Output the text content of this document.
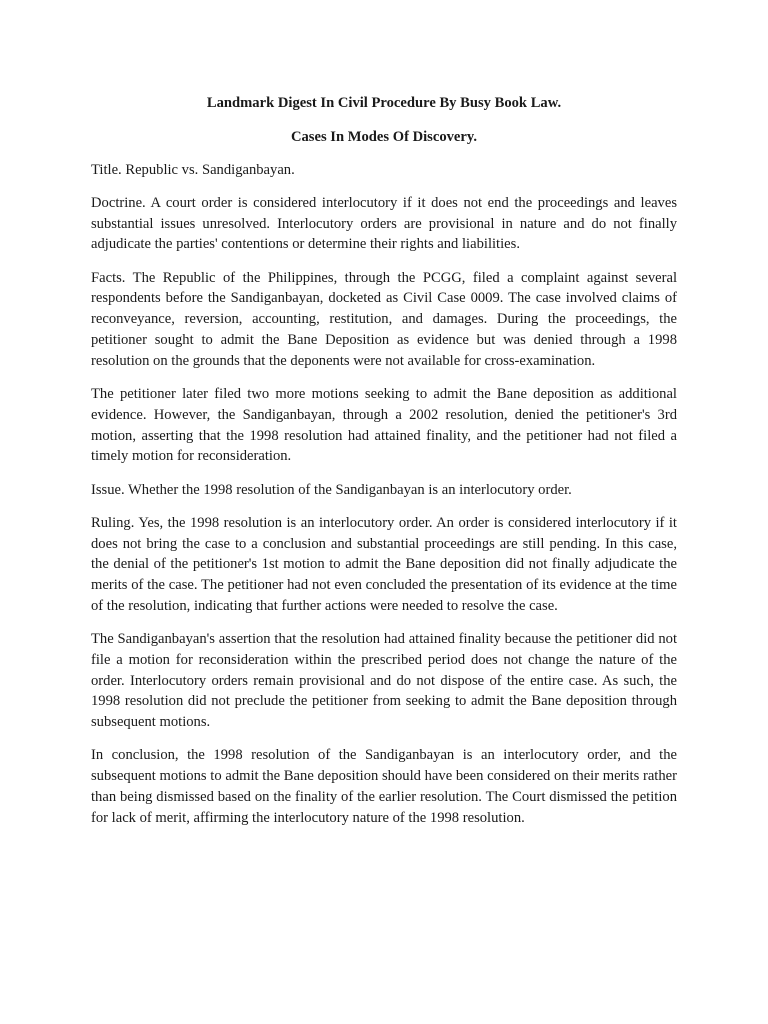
Landmark Digest In Civil Procedure By Busy Book Law.

Cases In Modes Of Discovery.

Title. Republic vs. Sandiganbayan.

Doctrine. A court order is considered interlocutory if it does not end the proceedings and leaves substantial issues unresolved. Interlocutory orders are provisional in nature and do not finally adjudicate the parties' contentions or determine their rights and liabilities.

Facts. The Republic of the Philippines, through the PCGG, filed a complaint against several respondents before the Sandiganbayan, docketed as Civil Case 0009. The case involved claims of reconveyance, reversion, accounting, restitution, and damages. During the proceedings, the petitioner sought to admit the Bane Deposition as evidence but was denied through a 1998 resolution on the grounds that the deponents were not available for cross-examination.

The petitioner later filed two more motions seeking to admit the Bane deposition as additional evidence. However, the Sandiganbayan, through a 2002 resolution, denied the petitioner's 3rd motion, asserting that the 1998 resolution had attained finality, and the petitioner had not filed a timely motion for reconsideration.

Issue. Whether the 1998 resolution of the Sandiganbayan is an interlocutory order.

Ruling. Yes, the 1998 resolution is an interlocutory order. An order is considered interlocutory if it does not bring the case to a conclusion and substantial proceedings are still pending. In this case, the denial of the petitioner's 1st motion to admit the Bane deposition did not finally adjudicate the merits of the case. The petitioner had not even concluded the presentation of its evidence at the time of the resolution, indicating that further actions were needed to resolve the case.

The Sandiganbayan's assertion that the resolution had attained finality because the petitioner did not file a motion for reconsideration within the prescribed period does not change the nature of the order. Interlocutory orders remain provisional and do not dispose of the entire case. As such, the 1998 resolution did not preclude the petitioner from seeking to admit the Bane deposition through subsequent motions.

In conclusion, the 1998 resolution of the Sandiganbayan is an interlocutory order, and the subsequent motions to admit the Bane deposition should have been considered on their merits rather than being dismissed based on the finality of the earlier resolution. The Court dismissed the petition for lack of merit, affirming the interlocutory nature of the 1998 resolution.
